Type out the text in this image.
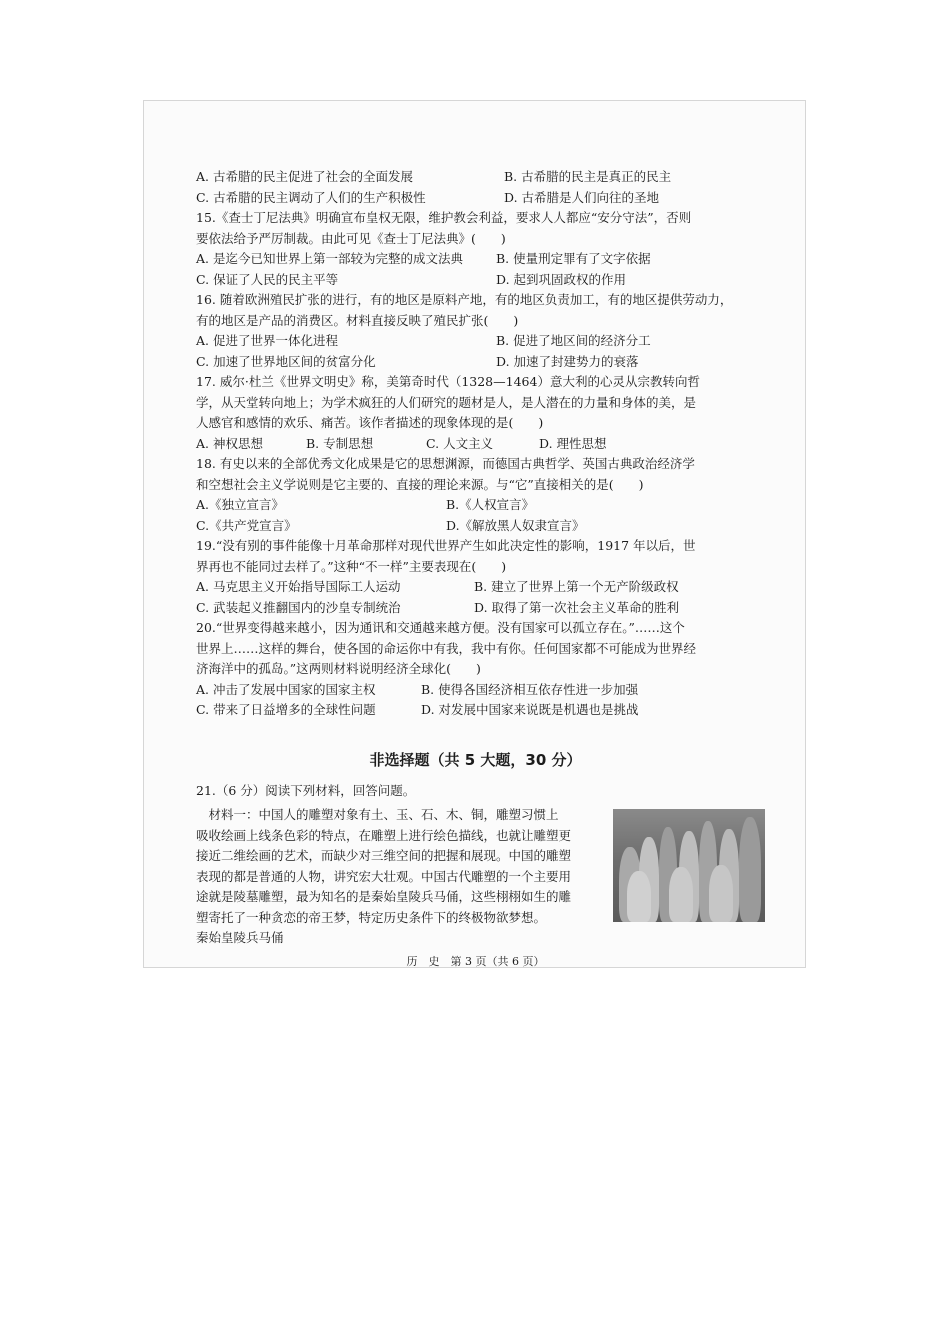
A. 古希腊的民主促进了社会的全面发展	B. 古希腊的民主是真正的民主
C. 古希腊的民主调动了人们的生产积极性	D. 古希腊是人们向往的圣地
15.《查士丁尼法典》明确宣布皇权无限，维护教会利益，要求人人都应“安分守法”，否则
要依法给予严厉制裁。由此可见《查士丁尼法典》(　　)
A. 是迄今已知世界上第一部较为完整的成文法典	B. 使量刑定罪有了文字依据
C. 保证了人民的民主平等	D. 起到巩固政权的作用
16. 随着欧洲殖民扩张的进行，有的地区是原料产地，有的地区负责加工，有的地区提供劳动力，
有的地区是产品的消费区。材料直接反映了殖民扩张(　　)
A. 促进了世界一体化进程	B. 促进了地区间的经济分工
C. 加速了世界地区间的贫富分化	D. 加速了封建势力的衰落
17. 威尔·杜兰《世界文明史》称，美第奇时代（1328—1464）意大利的心灵从宗教转向哲
学，从天堂转向地上；为学术疯狂的人们研究的题材是人，是人潜在的力量和身体的美，是
人感官和感情的欢乐、痛苦。该作者描述的现象体现的是(　　)
A. 神权思想	B. 专制思想	C. 人文主义	D. 理性思想
18. 有史以来的全部优秀文化成果是它的思想渊源，而德国古典哲学、英国古典政治经济学
和空想社会主义学说则是它主要的、直接的理论来源。与“它”直接相关的是(　　)
A.《独立宣言》	B.《人权宣言》
C.《共产党宣言》	D.《解放黑人奴隶宣言》
19.“没有别的事件能像十月革命那样对现代世界产生如此决定性的影响，1917 年以后，世
界再也不能同过去样了。”这种“不一样”主要表现在(　　)
A. 马克思主义开始指导国际工人运动	B. 建立了世界上第一个无产阶级政权
C. 武装起义推翻国内的沙皇专制统治	D. 取得了第一次社会主义革命的胜利
20.“世界变得越来越小，因为通讯和交通越来越方便。没有国家可以孤立存在。”……这个
世界上……这样的舞台，使各国的命运你中有我，我中有你。任何国家都不可能成为世界经
济海洋中的孤岛。”这两则材料说明经济全球化(　　)
A. 冲击了发展中国家的国家主权	B. 使得各国经济相互依存性进一步加强
C. 带来了日益增多的全球性问题	D. 对发展中国家来说既是机遇也是挑战
非选择题（共 5 大题，30 分）
21.（6 分）阅读下列材料，回答问题。
　材料一：中国人的雕塑对象有土、玉、石、木、铜，雕塑习惯上
吸收绘画上线条色彩的特点，在雕塑上进行绘色描线，也就让雕塑更
接近二维绘画的艺术，而缺少对三维空间的把握和展现。中国的雕塑
表现的都是普通的人物，讲究宏大壮观。中国古代雕塑的一个主要用
途就是陵墓雕塑，最为知名的是秦始皇陵兵马俑，这些栩栩如生的雕
塑寄托了一种贪恋的帝王梦，特定历史条件下的终极物欲梦想。
秦始皇陵兵马俑
历　史　第 3 页（共 6 页）
